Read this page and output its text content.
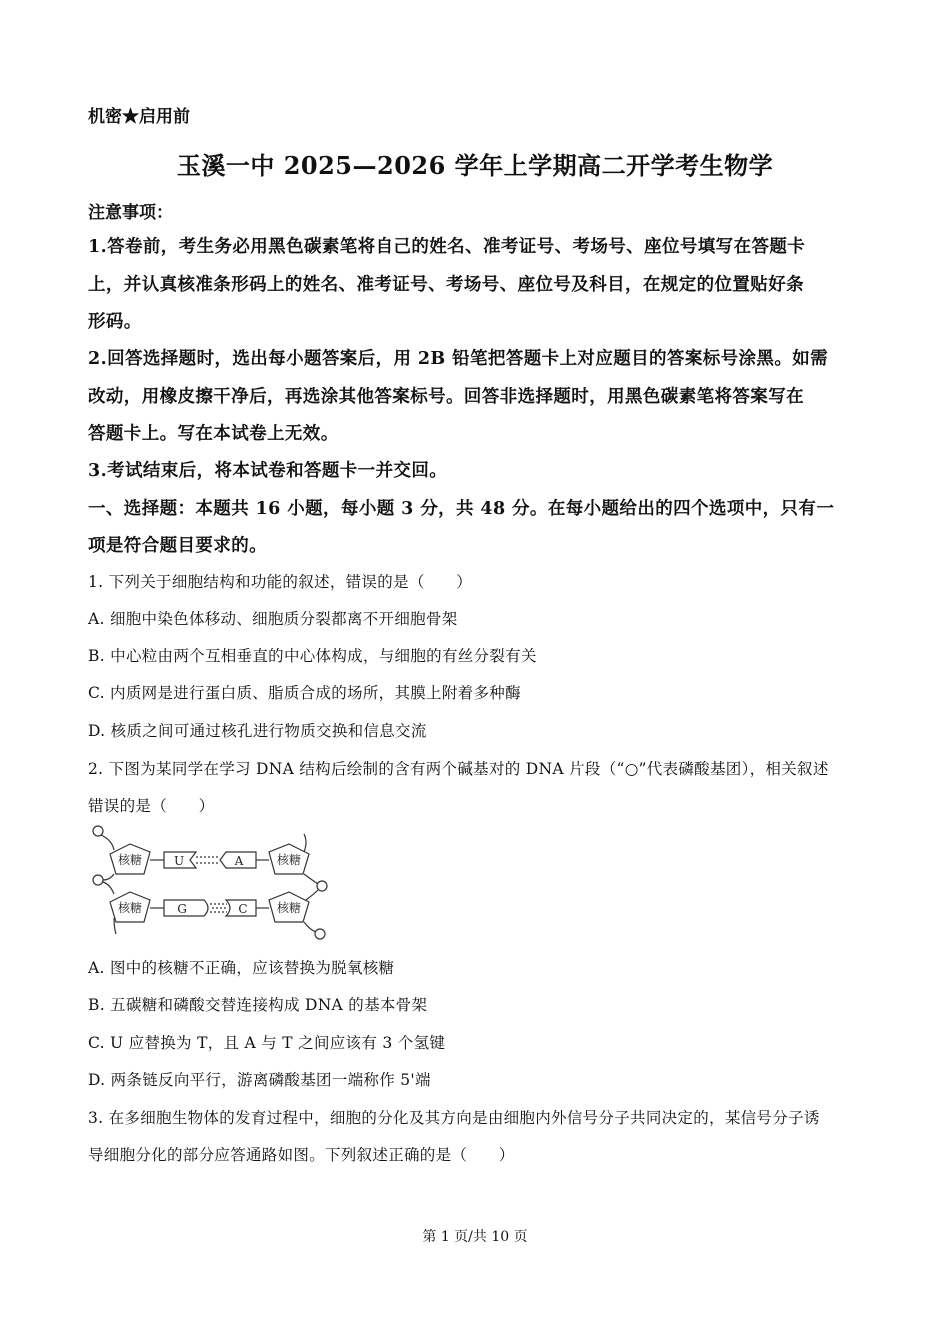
机密★启用前
玉溪一中 2025—2026 学年上学期高二开学考生物学
注意事项：
1.答卷前，考生务必用黑色碳素笔将自己的姓名、准考证号、考场号、座位号填写在答题卡
上，并认真核准条形码上的姓名、准考证号、考场号、座位号及科目，在规定的位置贴好条
形码。
2.回答选择题时，选出每小题答案后，用 2B 铅笔把答题卡上对应题目的答案标号涂黑。如需
改动，用橡皮擦干净后，再选涂其他答案标号。回答非选择题时，用黑色碳素笔将答案写在
答题卡上。写在本试卷上无效。
3.考试结束后，将本试卷和答题卡一并交回。
一、选择题：本题共 16 小题，每小题 3 分，共 48 分。在每小题给出的四个选项中，只有一
项是符合题目要求的。
1. 下列关于细胞结构和功能的叙述，错误的是（　　）
A. 细胞中染色体移动、细胞质分裂都离不开细胞骨架
B. 中心粒由两个互相垂直的中心体构成，与细胞的有丝分裂有关
C. 内质网是进行蛋白质、脂质合成的场所，其膜上附着多种酶
D. 核质之间可通过核孔进行物质交换和信息交流
2. 下图为某同学在学习 DNA 结构后绘制的含有两个碱基对的 DNA 片段（“○”代表磷酸基团），相关叙述
错误的是（　　）
核糖
核糖
核糖
核糖
U	A
G	C
A. 图中的核糖不正确，应该替换为脱氧核糖
B. 五碳糖和磷酸交替连接构成 DNA 的基本骨架
C. U 应替换为 T，且 A 与 T 之间应该有 3 个氢键
D. 两条链反向平行，游离磷酸基团一端称作 5'端
3. 在多细胞生物体的发育过程中，细胞的分化及其方向是由细胞内外信号分子共同决定的，某信号分子诱
导细胞分化的部分应答通路如图。下列叙述正确的是（　　）
第 1 页/共 10 页
